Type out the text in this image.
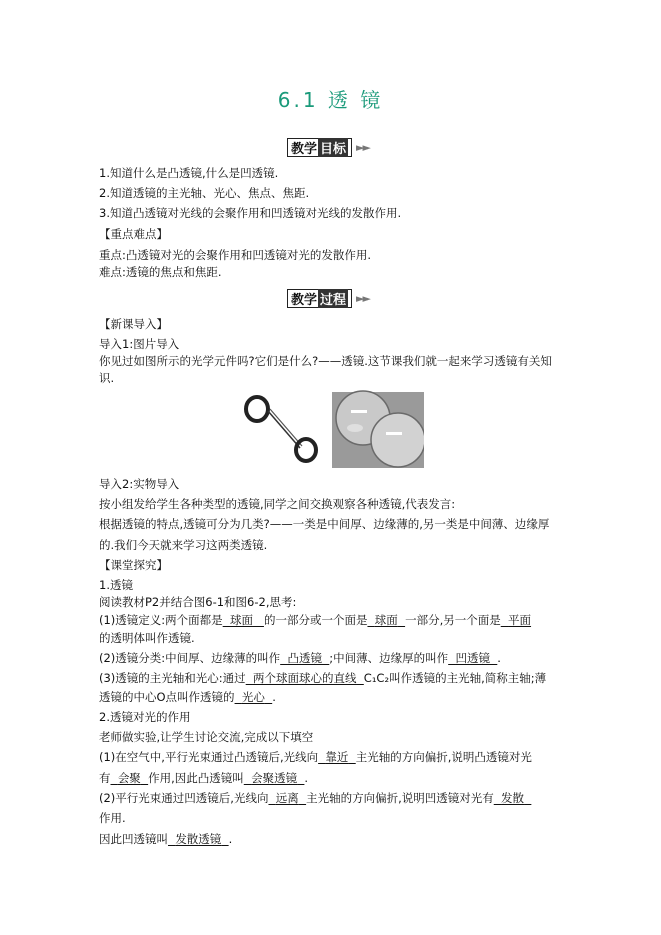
6.1 透 镜
教学 目标 ►►
1.知道什么是凸透镜,什么是凹透镜.
2.知道透镜的主光轴、光心、焦点、焦距.
3.知道凸透镜对光线的会聚作用和凹透镜对光线的发散作用.
【重点难点】
重点:凸透镜对光的会聚作用和凹透镜对光的发散作用.
难点:透镜的焦点和焦距.
教学 过程 ►►
【新课导入】
导入1:图片导入
你见过如图所示的光学元件吗?它们是什么?——透镜.这节课我们就一起来学习透镜有关知
识.
导入2:实物导入
按小组发给学生各种类型的透镜,同学之间交换观察各种透镜,代表发言:
根据透镜的特点,透镜可分为几类?——一类是中间厚、边缘薄的,另一类是中间薄、边缘厚
的.我们今天就来学习这两类透镜.
【课堂探究】
1.透镜
阅读教材P2并结合图6-1和图6-2,思考:
(1)透镜定义:两个面都是 球面 的一部分或一个面是 球面 一部分,另一个面是 平面
的透明体叫作透镜.
(2)透镜分类:中间厚、边缘薄的叫作 凸透镜 ;中间薄、边缘厚的叫作 凹透镜 .
(3)透镜的主光轴和光心:通过 两个球面球心的直线 C₁C₂叫作透镜的主光轴,简称主轴;薄
透镜的中心O点叫作透镜的 光心 .
2.透镜对光的作用
老师做实验,让学生讨论交流,完成以下填空
(1)在空气中,平行光束通过凸透镜后,光线向 靠近 主光轴的方向偏折,说明凸透镜对光
有 会聚 作用,因此凸透镜叫 会聚透镜 .
(2)平行光束通过凹透镜后,光线向 远离 主光轴的方向偏折,说明凹透镜对光有 发散
作用.
因此凹透镜叫 发散透镜 .
